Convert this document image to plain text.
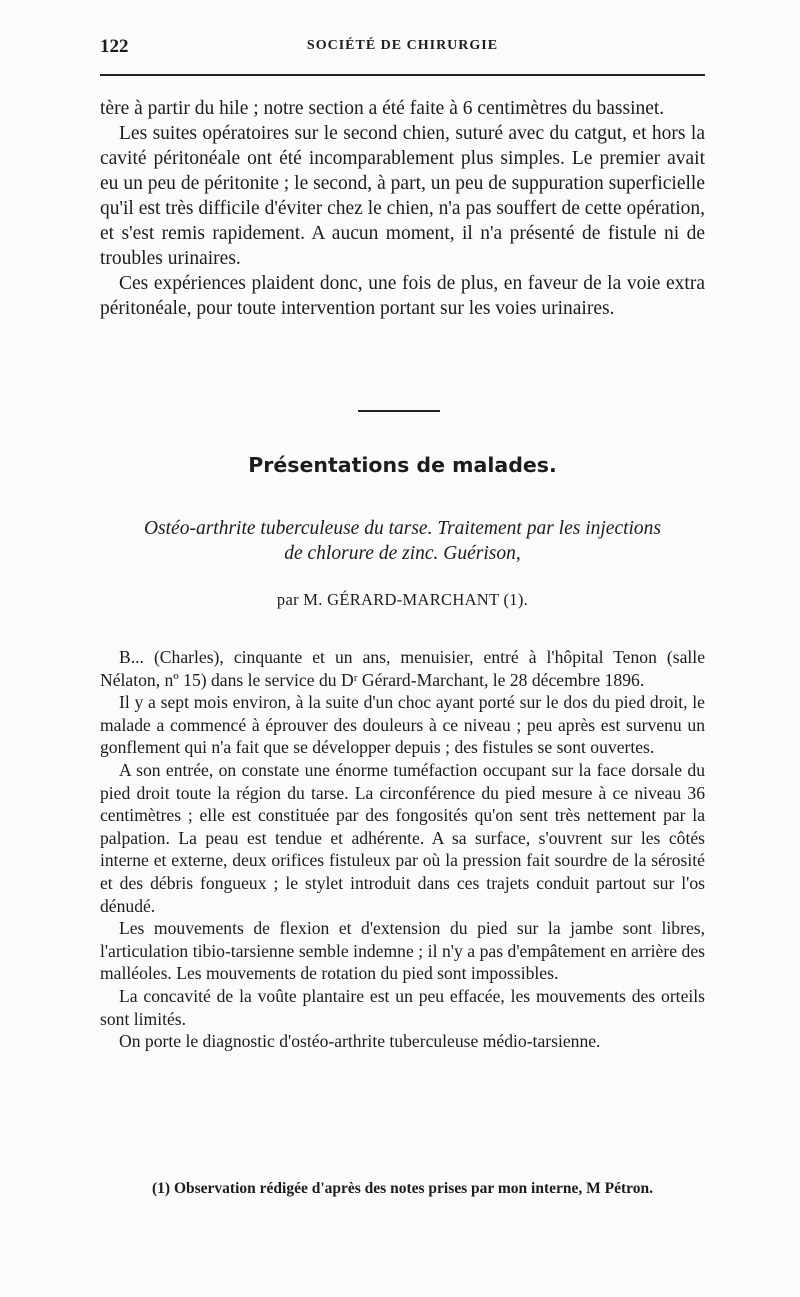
122	SOCIÉTÉ DE CHIRURGIE

tère à partir du hile ; notre section a été faite à 6 centimètres du bassinet.

Les suites opératoires sur le second chien, suturé avec du catgut, et hors la cavité péritonéale ont été incomparablement plus simples. Le premier avait eu un peu de péritonite ; le second, à part, un peu de suppuration superficielle qu'il est très difficile d'éviter chez le chien, n'a pas souffert de cette opération, et s'est remis rapidement. A aucun moment, il n'a présenté de fistule ni de troubles urinaires.

Ces expériences plaident donc, une fois de plus, en faveur de la voie extra péritonéale, pour toute intervention portant sur les voies urinaires.

Présentations de malades.
Ostéo-arthrite tuberculeuse du tarse. Traitement par les injections
de chlorure de zinc. Guérison,
par M. GÉRARD-MARCHANT (1).

B... (Charles), cinquante et un ans, menuisier, entré à l'hôpital Tenon (salle Nélaton, nº 15) dans le service du Dʳ Gérard-Marchant, le 28 décembre 1896.

Il y a sept mois environ, à la suite d'un choc ayant porté sur le dos du pied droit, le malade a commencé à éprouver des douleurs à ce niveau ; peu après est survenu un gonflement qui n'a fait que se développer depuis ; des fistules se sont ouvertes.

A son entrée, on constate une énorme tuméfaction occupant sur la face dorsale du pied droit toute la région du tarse. La circonférence du pied mesure à ce niveau 36 centimètres ; elle est constituée par des fongosités qu'on sent très nettement par la palpation. La peau est tendue et adhérente. A sa surface, s'ouvrent sur les côtés interne et externe, deux orifices fistuleux par où la pression fait sourdre de la sérosité et des débris fongueux ; le stylet introduit dans ces trajets conduit partout sur l'os dénudé.

Les mouvements de flexion et d'extension du pied sur la jambe sont libres, l'articulation tibio-tarsienne semble indemne ; il n'y a pas d'empâtement en arrière des malléoles. Les mouvements de rotation du pied sont impossibles.

La concavité de la voûte plantaire est un peu effacée, les mouvements des orteils sont limités.

On porte le diagnostic d'ostéo-arthrite tuberculeuse médio-tarsienne.

(1) Observation rédigée d'après des notes prises par mon interne, M Pétron.
